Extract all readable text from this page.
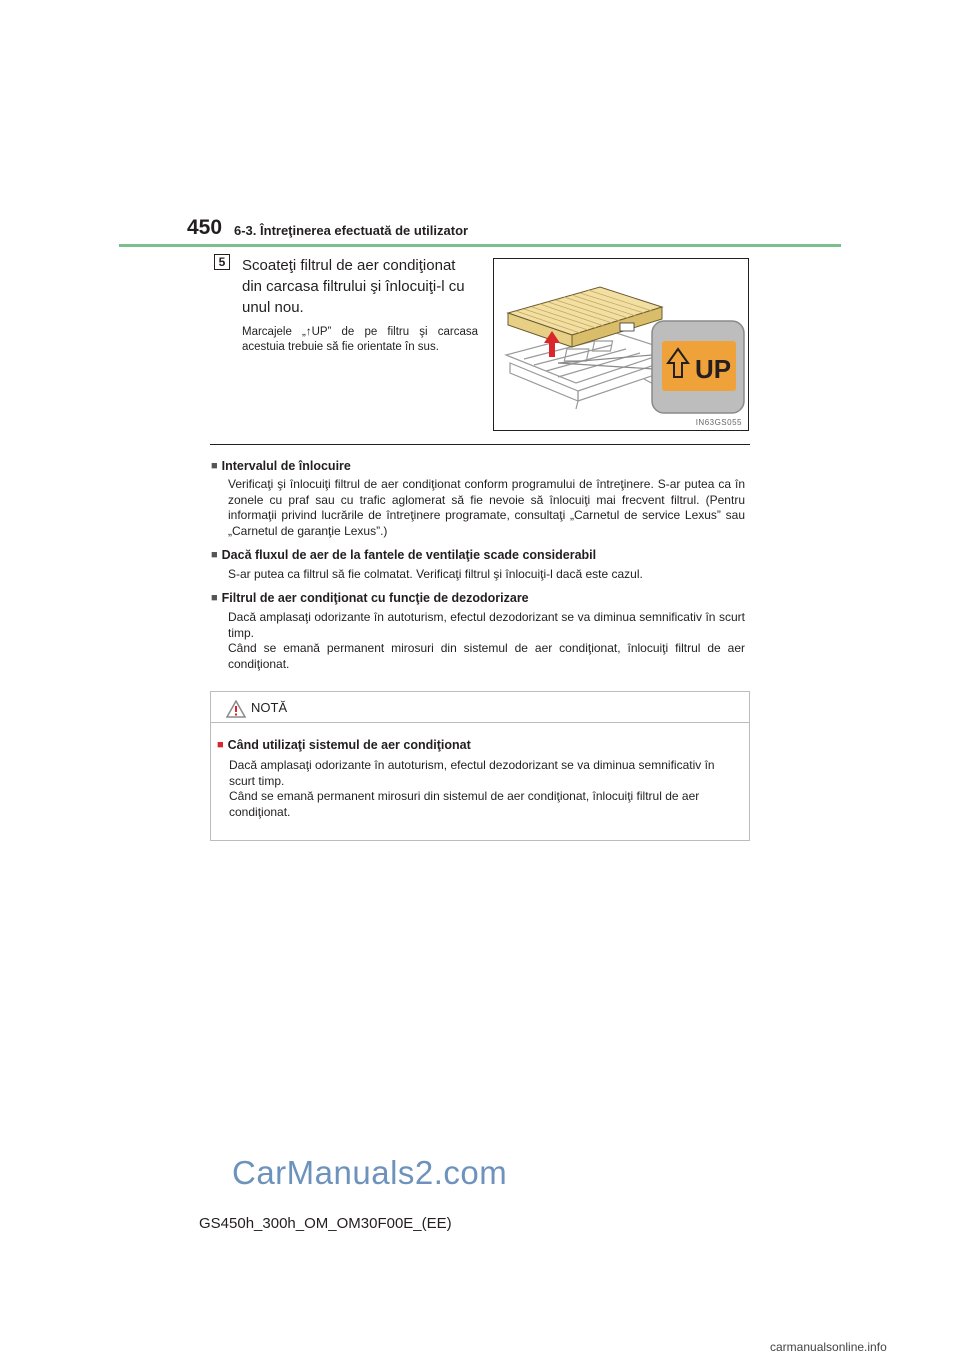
450 6-3. Întreţinerea efectuată de utilizator
5	Scoateţi filtrul de aer condiţionat din carcasa filtrului şi înlocuiţi-l cu unul nou.
Marcajele „↑UP” de pe filtru şi carcasa acestuia trebuie să fie orientate în sus.
UP
IN63GS055
■ Intervalul de înlocuire
Verificaţi şi înlocuiţi filtrul de aer condiţionat conform programului de întreţinere. S-ar putea ca în zonele cu praf sau cu trafic aglomerat să fie nevoie să înlocuiţi mai frecvent filtrul. (Pentru informaţii privind lucrările de întreţinere programate, consultaţi „Carnetul de service Lexus” sau „Carnetul de garanţie Lexus”.)
■ Dacă fluxul de aer de la fantele de ventilaţie scade considerabil
S-ar putea ca filtrul să fie colmatat. Verificaţi filtrul şi înlocuiţi-l dacă este cazul.
■ Filtrul de aer condiţionat cu funcţie de dezodorizare
Dacă amplasaţi odorizante în autoturism, efectul dezodorizant se va diminua semnificativ în scurt timp.
Când se emană permanent mirosuri din sistemul de aer condiţionat, înlocuiţi filtrul de aer condiţionat.
NOTĂ
■ Când utilizaţi sistemul de aer condiţionat
Dacă amplasaţi odorizante în autoturism, efectul dezodorizant se va diminua semnificativ în scurt timp.
Când se emană permanent mirosuri din sistemul de aer condiţionat, înlocuiţi filtrul de aer condiţionat.
CarManuals2.com
GS450h_300h_OM_OM30F00E_(EE)
carmanualsonline.info
